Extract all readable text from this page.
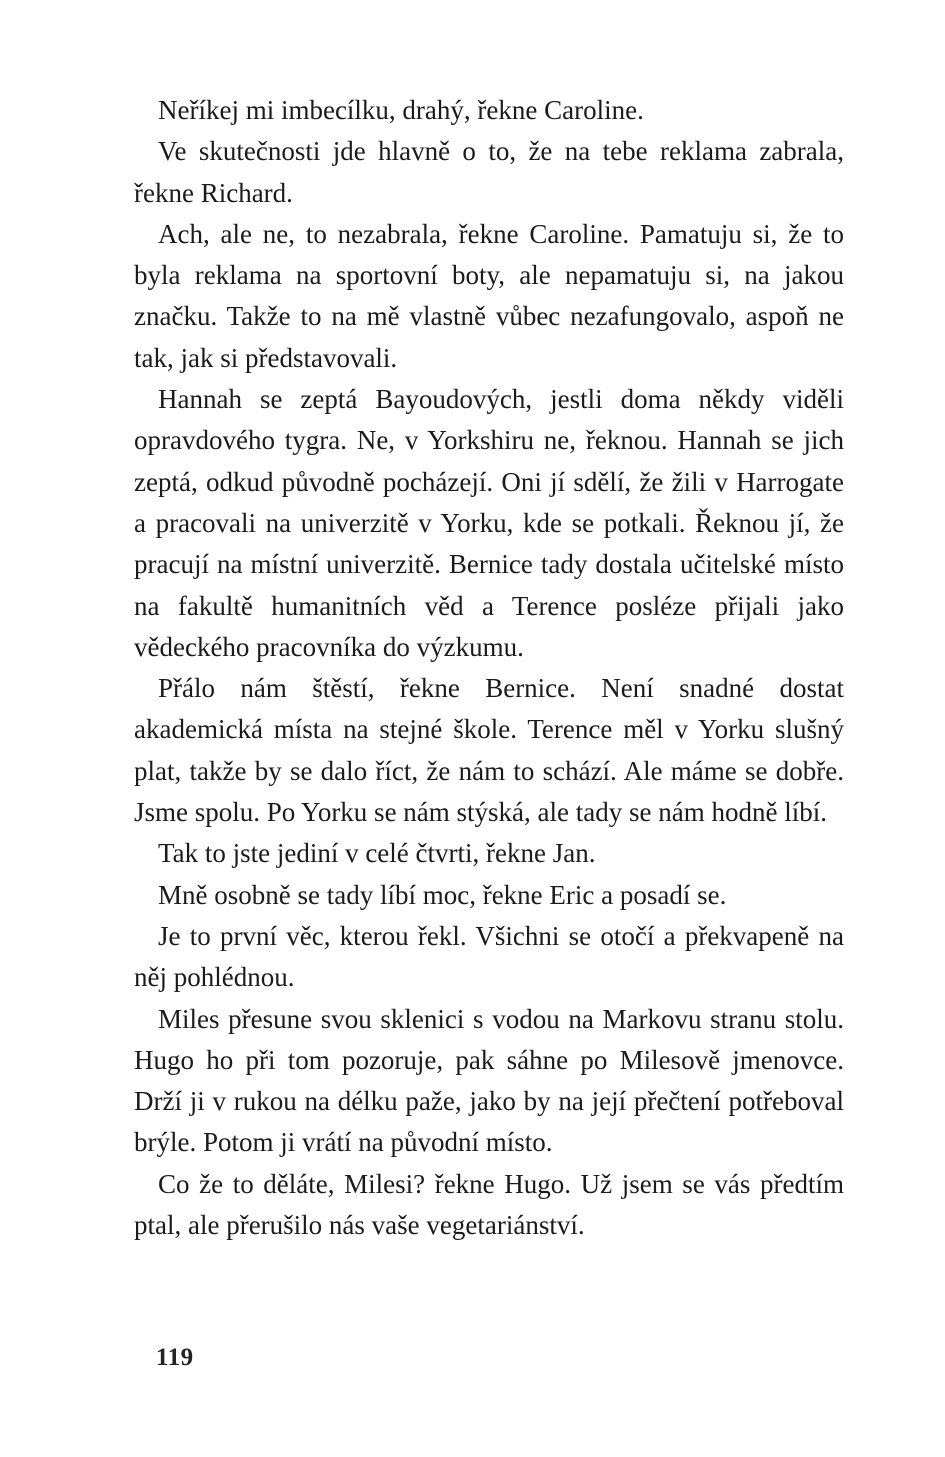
Neříkej mi imbecílku, drahý, řekne Caroline.

Ve skutečnosti jde hlavně o to, že na tebe reklama zabrala, řekne Richard.

Ach, ale ne, to nezabrala, řekne Caroline. Pamatuju si, že to byla reklama na sportovní boty, ale nepamatuju si, na jakou značku. Takže to na mě vlastně vůbec nezafungovalo, aspoň ne tak, jak si představovali.

Hannah se zeptá Bayoudových, jestli doma někdy viděli opravdového tygra. Ne, v Yorkshiru ne, řeknou. Hannah se jich zeptá, odkud původně pocházejí. Oni jí sdělí, že žili v Harrogate a pracovali na univerzitě v Yorku, kde se potkali. Řeknou jí, že pracují na místní univerzitě. Bernice tady dostala učitelské místo na fakultě humanitních věd a Terence posléze přijali jako vědeckého pracovníka do výzkumu.

Přálo nám štěstí, řekne Bernice. Není snadné dostat akademická místa na stejné škole. Terence měl v Yorku slušný plat, takže by se dalo říct, že nám to schází. Ale máme se dobře. Jsme spolu. Po Yorku se nám stýská, ale tady se nám hodně líbí.

Tak to jste jediní v celé čtvrti, řekne Jan.

Mně osobně se tady líbí moc, řekne Eric a posadí se.

Je to první věc, kterou řekl. Všichni se otočí a překvapeně na něj pohlédnou.

Miles přesune svou sklenici s vodou na Markovu stranu stolu. Hugo ho při tom pozoruje, pak sáhne po Milesově jmenovce. Drží ji v rukou na délku paže, jako by na její přečtení potřeboval brýle. Potom ji vrátí na původní místo.

Co že to děláte, Milesi? řekne Hugo. Už jsem se vás předtím ptal, ale přerušilo nás vaše vegetariánství.

119
